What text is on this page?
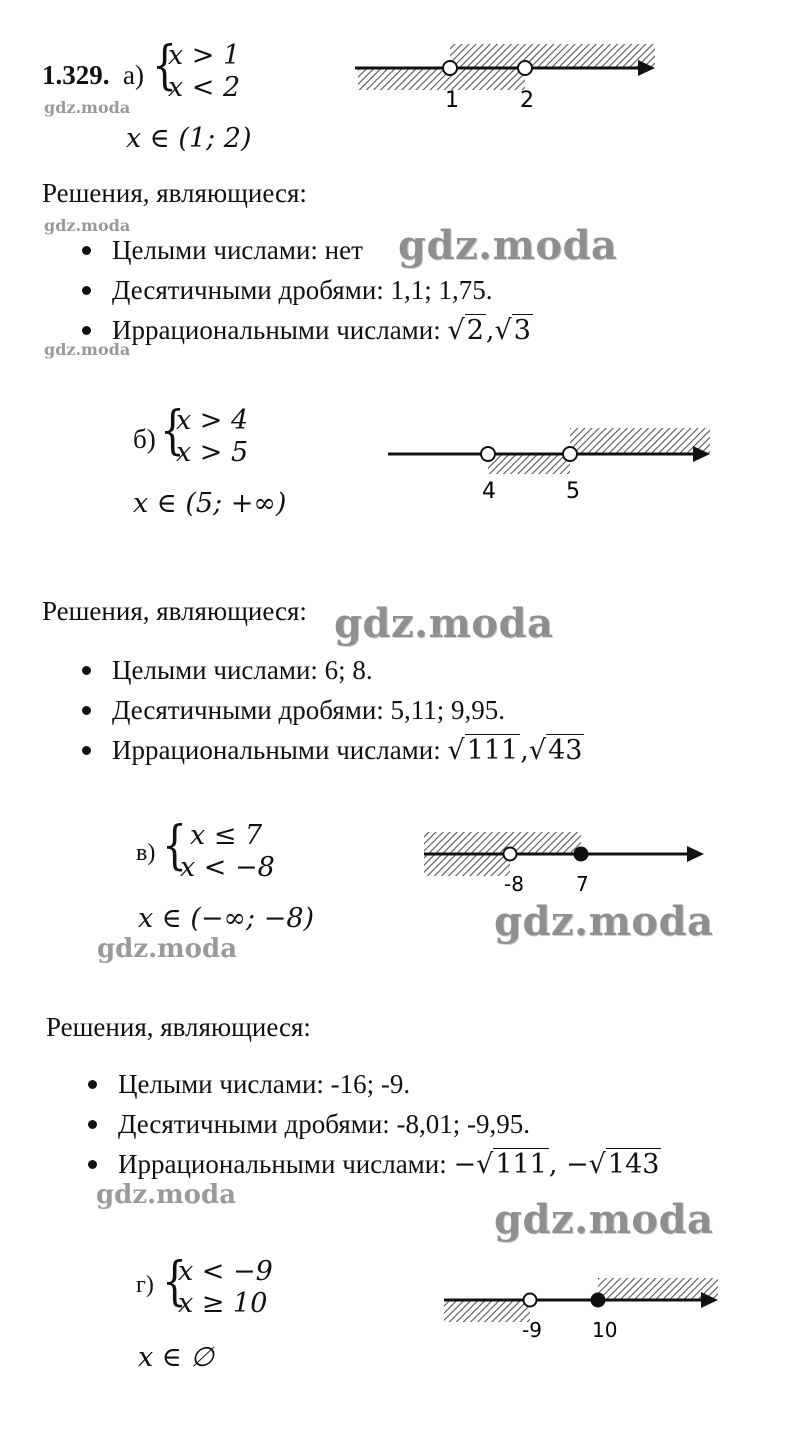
1.329. а) {
x > 1
x < 2	1	2
gdz.moda
x ∈ (1; 2)
Решения, являющиеся:
gdz.moda
Целыми числами: нет
Десятичными дробями: 1,1; 1,75.
Иррациональными числами: √2,√3
gdz.moda
gdz.moda
б) {
x > 4
x > 5
4	5
x ∈ (5; +∞)
Решения, являющиеся: gdz.moda
Целыми числами: 6; 8.
Десятичными дробями: 5,11; 9,95.
Иррациональными числами: √111,√43
в) { x ≤ 7
x < −8
-8	7
x ∈ (−∞; −8)	gdz.moda
gdz.moda
Решения, являющиеся:
Целыми числами: -16; -9.
Десятичными дробями: -8,01; -9,95.
Иррациональными числами: −√111, −√143
gdz.moda
gdz.moda
г) {
x < −9
x ≥ 10
-9	10
x ∈ ∅
